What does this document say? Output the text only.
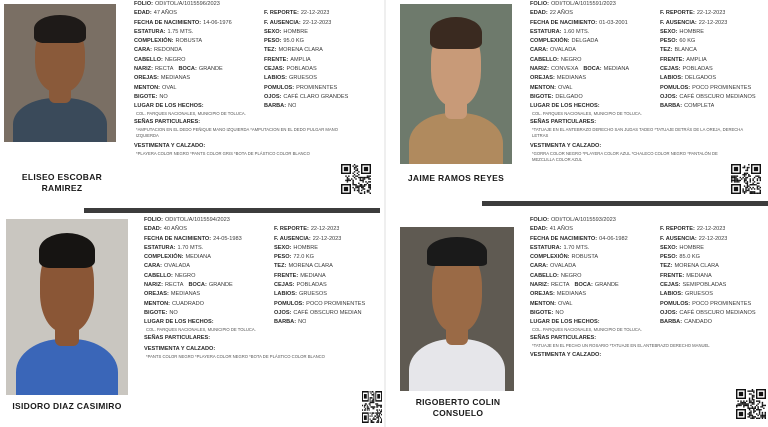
ELISEO ESCOBAR RAMIREZ
FOLIO: ODI/TOL/A/1015596/2023
EDAD: 47 AÑOS	F. REPORTE: 22-12-2023
FECHA DE NACIMIENTO: 14-06-1976	F. AUSENCIA: 22-12-2023
ESTATURA: 1.75 MTS.	SEXO: HOMBRE
COMPLEXIÓN: ROBUSTA	PESO: 95.0 KG
CARA: REDONDA	TEZ: MORENA CLARA
CABELLO: NEGRO	FRENTE: AMPLIA
NARIZ: RECTA BOCA: GRANDE	CEJAS: POBLADAS
OREJAS: MEDIANAS	LABIOS: GRUESOS
MENTON: OVAL	POMULOS: PROMINENTES
BIGOTE: NO	OJOS: CAFÉ CLARO GRANDES
LUGAR DE LOS HECHOS:	BARBA: NO
COL. PARQUES NACIONALES, MUNICIPIO DE TOLUCA.
SEÑAS PARTICULARES:
*AMPUTACION EN EL DEDO PEÑIQUE MANO IZQUIERDA *AMPUTACION EN EL DEDO PULGAR MANO
IZQUIERDA
VESTIMENTA Y CALZADO:
*PLAYERA COLOR NEGRO *PANTS COLOR GRIS *BOTA DE PLÁSTICO COLOR BLANCO
JAIME RAMOS REYES
FOLIO: ODI/TOL/A/1015591/2023
EDAD: 22 AÑOS	F. REPORTE: 22-12-2023
FECHA DE NACIMIENTO: 01-03-2001	F. AUSENCIA: 22-12-2023
ESTATURA: 1.60 MTS.	SEXO: HOMBRE
COMPLEXIÓN: DELGADA	PESO: 60 KG
CARA: OVALADA	TEZ: BLANCA
CABELLO: NEGRO	FRENTE: AMPLIA
NARIZ: CONVEXA BOCA: MEDIANA	CEJAS: POBLADAS
OREJAS: MEDIANAS	LABIOS: DELGADOS
MENTON: OVAL	POMULOS: POCO PROMINENTES
BIGOTE: DELGADO	OJOS: CAFÉ OBSCURO MEDIANOS
LUGAR DE LOS HECHOS:	BARBA: COMPLETA
COL. PARQUES NACIONALES, MUNICIPIO DE TOLUCA.
SEÑAS PARTICULARES:
*TATUAJE EN EL ANTEBRAZO DERECHO SAN JUDAS TADEO *TATUAJE DETRÁS DE LA OREJA, DERECHA
LETRAS
VESTIMENTA Y CALZADO:
*GORRA COLOR NEGRO *PLAYERA COLOR AZUL *CHALECO COLOR NEGRO *PANTALÓN DE
MEZCLILLA COLOR AZUL
ISIDORO DIAZ CASIMIRO
FOLIO: ODI/TOL/A/1015594/2023
EDAD: 40 AÑOS	F. REPORTE: 22-12-2023
FECHA DE NACIMIENTO: 24-05-1983	F. AUSENCIA: 22-12-2023
ESTATURA: 1.70 MTS.	SEXO: HOMBRE
COMPLEXIÓN: MEDIANA	PESO: 72.0 KG
CARA: OVALADA	TEZ: MORENA CLARA
CABELLO: NEGRO	FRENTE: MEDIANA
NARIZ: RECTA BOCA: GRANDE	CEJAS: POBLADAS
OREJAS: MEDIANAS	LABIOS: GRUESOS
MENTON: CUADRADO	POMULOS: POCO PROMINENTES
BIGOTE: NO	OJOS: CAFÉ OBSCURO MEDIAN
LUGAR DE LOS HECHOS:	BARBA: NO
COL. PARQUES NACIONALES, MUNICIPIO DE TOLUCA.
SEÑAS PARTICULARES:
VESTIMENTA Y CALZADO:
*PANTS COLOR NEGRO *PLAYERA COLOR NEGRO *BOTA DE PLÁSTICO COLOR BLANCO
RIGOBERTO COLIN CONSUELO
FOLIO: ODI/TOL/A/1015593/2023
EDAD: 41 AÑOS	F. REPORTE: 22-12-2023
FECHA DE NACIMIENTO: 04-06-1982	F. AUSENCIA: 22-12-2023
ESTATURA: 1.70 MTS.	SEXO: HOMBRE
COMPLEXIÓN: ROBUSTA	PESO: 85.0 KG
CARA: OVALADA	TEZ: MORENA CLARA
CABELLO: NEGRO	FRENTE: MEDIANA
NARIZ: RECTA BOCA: GRANDE	CEJAS: SEMIPOBLADAS
OREJAS: MEDIANAS	LABIOS: GRUESOS
MENTON: OVAL	POMULOS: POCO PROMINENTES
BIGOTE: NO	OJOS: CAFÉ OBSCURO MEDIANOS
LUGAR DE LOS HECHOS:	BARBA: CANDADO
COL. PARQUES NACIONALES, MUNICIPIO DE TOLUCA.
SEÑAS PARTICULARES:
*TATUAJE EN EL PECHO UN ROSARIO *TATUAJE EN EL ANTEBRAZO DERECHO MANUEL
VESTIMENTA Y CALZADO:
